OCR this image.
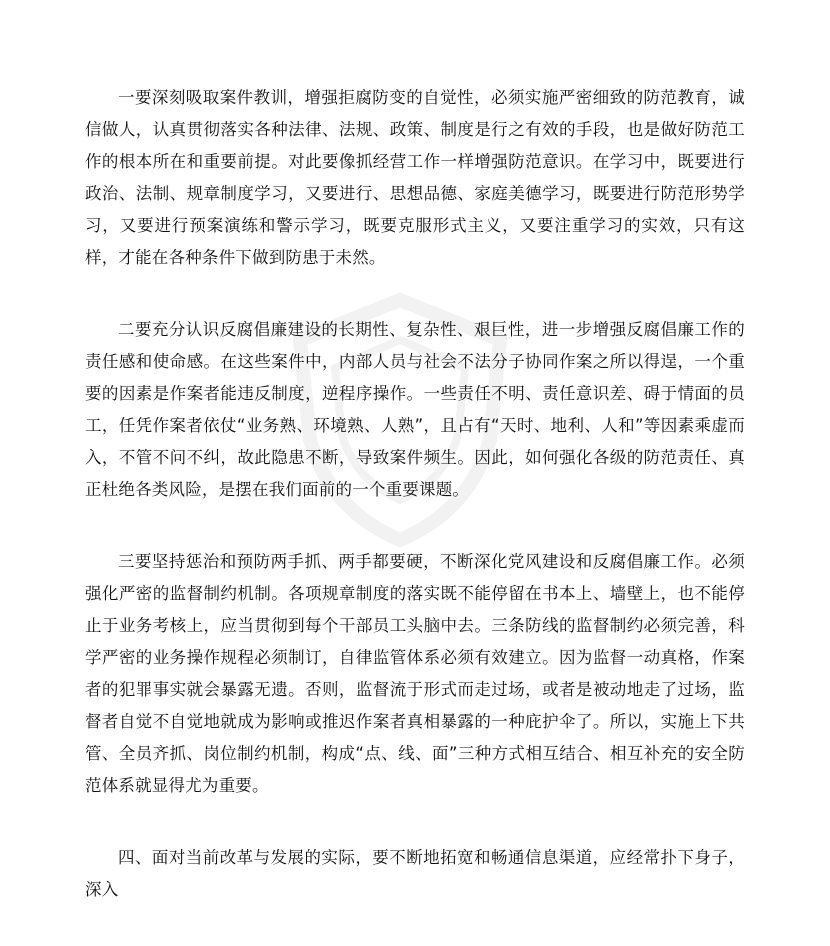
一要深刻吸取案件教训，增强拒腐防变的自觉性，必须实施严密细致的防范教育，诚信做人，认真贯彻落实各种法律、法规、政策、制度是行之有效的手段，也是做好防范工作的根本所在和重要前提。对此要像抓经营工作一样增强防范意识。在学习中，既要进行政治、法制、规章制度学习，又要进行、思想品德、家庭美德学习，既要进行防范形势学习，又要进行预案演练和警示学习，既要克服形式主义，又要注重学习的实效，只有这样，才能在各种条件下做到防患于未然。

二要充分认识反腐倡廉建设的长期性、复杂性、艰巨性，进一步增强反腐倡廉工作的责任感和使命感。在这些案件中，内部人员与社会不法分子协同作案之所以得逞，一个重要的因素是作案者能违反制度，逆程序操作。一些责任不明、责任意识差、碍于情面的员工，任凭作案者依仗“业务熟、环境熟、人熟”，且占有“天时、地利、人和”等因素乘虚而入，不管不问不纠，故此隐患不断，导致案件频生。因此，如何强化各级的防范责任、真正杜绝各类风险，是摆在我们面前的一个重要课题。

三要坚持惩治和预防两手抓、两手都要硬，不断深化党风建设和反腐倡廉工作。必须强化严密的监督制约机制。各项规章制度的落实既不能停留在书本上、墙壁上，也不能停止于业务考核上，应当贯彻到每个干部员工头脑中去。三条防线的监督制约必须完善，科学严密的业务操作规程必须制订，自律监管体系必须有效建立。因为监督一动真格，作案者的犯罪事实就会暴露无遗。否则，监督流于形式而走过场，或者是被动地走了过场，监督者自觉不自觉地就成为影响或推迟作案者真相暴露的一种庇护伞了。所以，实施上下共管、全员齐抓、岗位制约机制，构成“点、线、面”三种方式相互结合、相互补充的安全防范体系就显得尤为重要。

四、面对当前改革与发展的实际，要不断地拓宽和畅通信息渠道，应经常扑下身子，深入
